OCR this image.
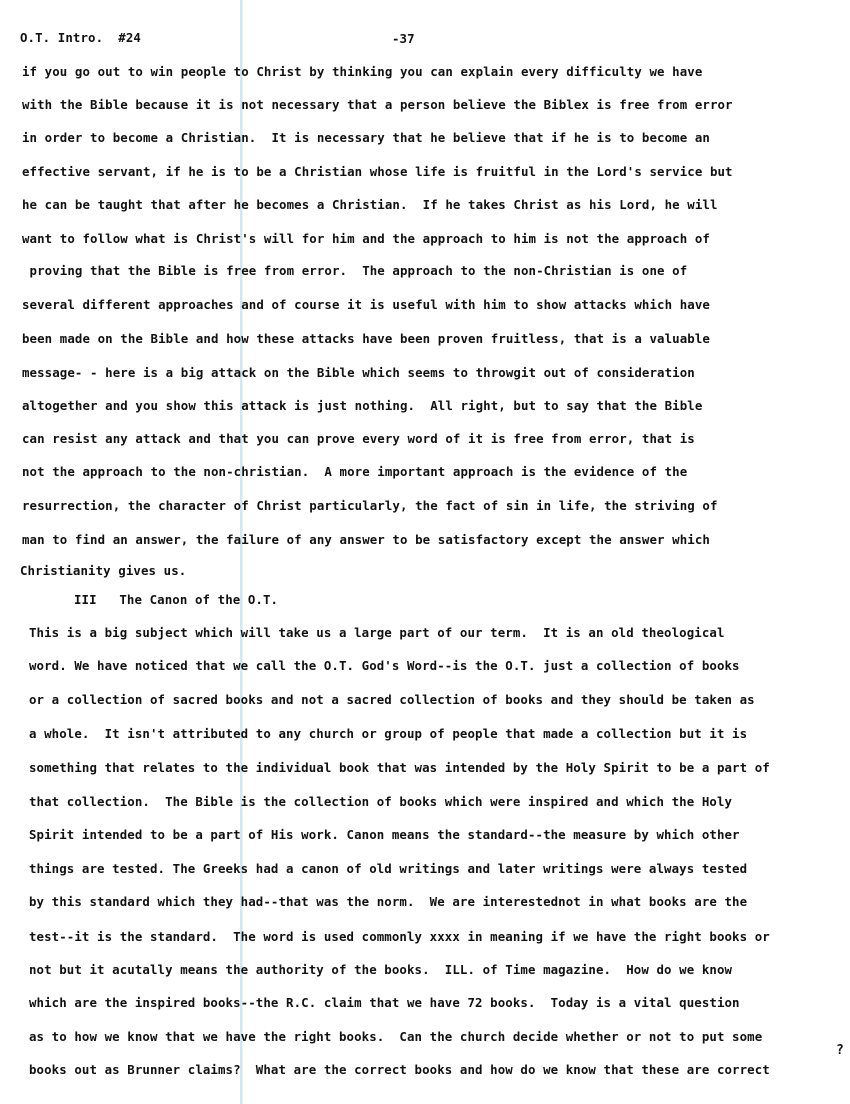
O.T. Intro.  #24	-37
if you go out to win people to Christ by thinking you can explain every difficulty we have
with the Bible because it is not necessary that a person believe the Biblex is free from error
in order to become a Christian.  It is necessary that he believe that if he is to become an
effective servant, if he is to be a Christian whose life is fruitful in the Lord's service but
he can be taught that after he becomes a Christian.  If he takes Christ as his Lord, he will
want to follow what is Christ's will for him and the approach to him is not the approach of
proving that the Bible is free from error.  The approach to the non-Christian is one of
several different approaches and of course it is useful with him to show attacks which have
been made on the Bible and how these attacks have been proven fruitless, that is a valuable
message- - here is a big attack on the Bible which seems to throwgit out of consideration
altogether and you show this attack is just nothing.  All right, but to say that the Bible
can resist any attack and that you can prove every word of it is free from error, that is
not the approach to the non-christian.  A more important approach is the evidence of the
resurrection, the character of Christ particularly, the fact of sin in life, the striving of
man to find an answer, the failure of any answer to be satisfactory except the answer which
Christianity gives us.
III   The Canon of the O.T.
This is a big subject which will take us a large part of our term.  It is an old theological
word. We have noticed that we call the O.T. God's Word--is the O.T. just a collection of books
or a collection of sacred books and not a sacred collection of books and they should be taken as
a whole.  It isn't attributed to any church or group of people that made a collection but it is
something that relates to the individual book that was intended by the Holy Spirit to be a part of
that collection.  The Bible is the collection of books which were inspired and which the Holy
Spirit intended to be a part of His work. Canon means the standard--the measure by which other
things are tested. The Greeks had a canon of old writings and later writings were always tested
by this standard which they had--that was the norm.  We are interestednot in what books are the
test--it is the standard.  The word is used commonly xxxx in meaning if we have the right books or
not but it acutally means the authority of the books.  ILL. of Time magazine.  How do we know
which are the inspired books--the R.C. claim that we have 72 books.  Today is a vital question
as to how we know that we have the right books.  Can the church decide whether or not to put some
books out as Brunner claims?  What are the correct books and how do we know that these are correct
?
